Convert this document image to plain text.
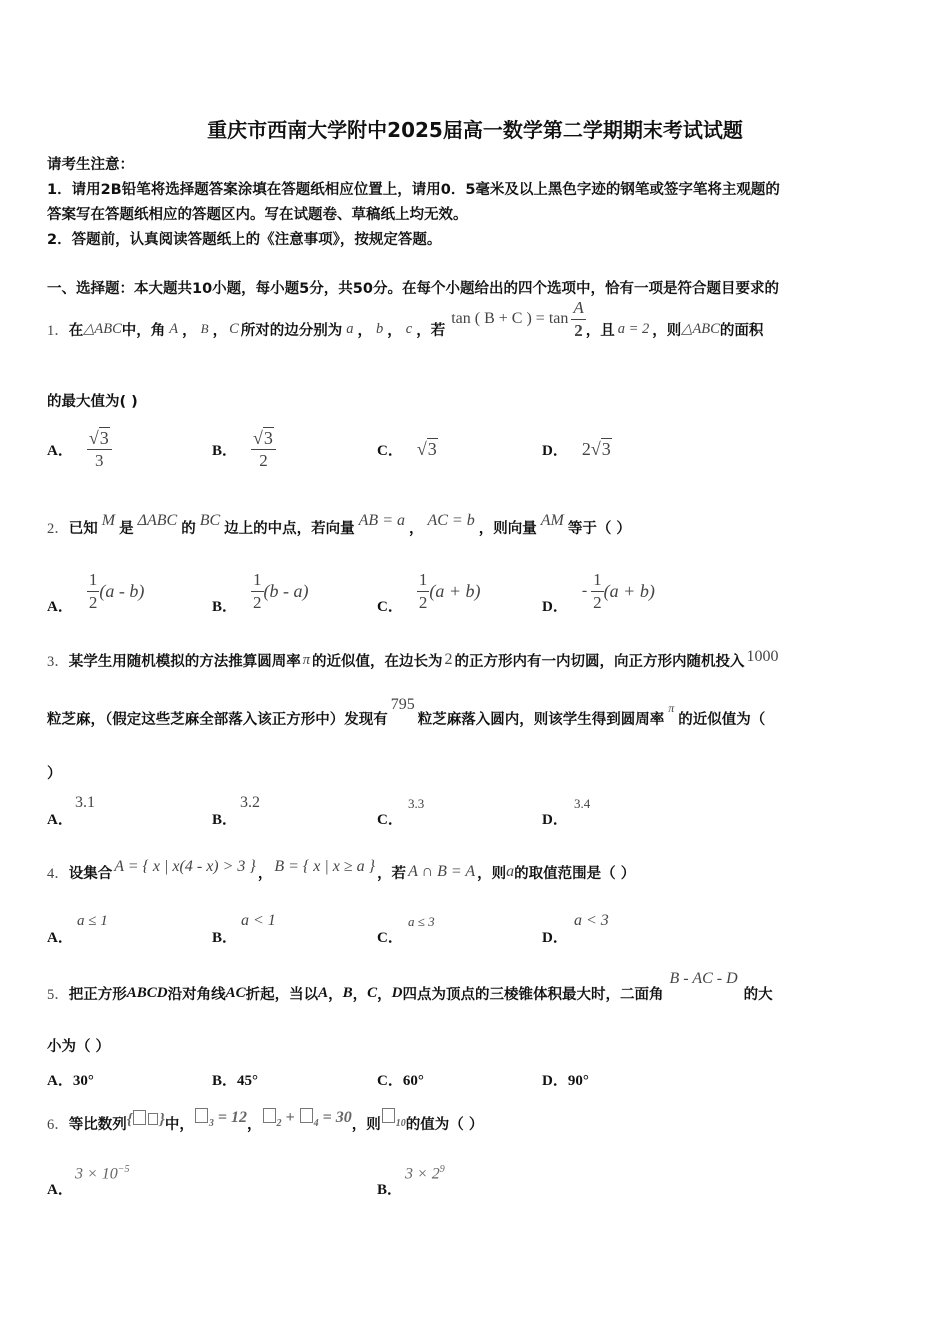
重庆市西南大学附中2025届高一数学第二学期期末考试试题
请考生注意：
1．请用2B铅笔将选择题答案涂填在答题纸相应位置上，请用0．5毫米及以上黑色字迹的钢笔或签字笔将主观题的
答案写在答题纸相应的答题区内。写在试题卷、草稿纸上均无效。
2．答题前，认真阅读答题纸上的《注意事项》，按规定答题。
一、选择题：本大题共10小题，每小题5分，共50分。在每个小题给出的四个选项中，恰有一项是符合题目要求的
1． 在 △ABC 中，角 A ， B ， C 所对的边分别为 a ， b ， c ，若
tan ( B + C ) = $\tan \frac{A}{2}$ ，且 a = 2 ，则 △ABC 的面积
的最大值为( )
A． $\frac{√3}{3}$	B． $\frac{√3}{2}$	C． √3	D． 2√3
2． 已知 M 是 ΔABC 的 BC 边上的中点，若向量 AB = a ， AC = b ，则向量 AM 等于（ ）
A． $\frac{1}{2} (a - b)$
B． $\frac{1}{2} (b - a)$
C． $\frac{1}{2} (a + b)$
D．
- $\frac{1}{2} (a + b)$
3． 某学生用随机模拟的方法推算圆周率 π 的近似值，在边长为 2 的正方形内有一内切圆，向正方形内随机投入 1000
粒芝麻，（假定这些芝麻全部落入该正方形中）发现有
795
粒芝麻落入圆内，则该学生得到圆周率
π
的近似值为（
）
A．
3.1
B．
3.2
C．
3.3
D．
3.4
4． 设集合 A = { x | x(4 - x) > 3 } ， B = { x | x ≥ a } ，若 A ∩ B = A ，则 a 的取值范围是（ ）
A．
a ≤ 1
B．
a < 1
C．
a ≤ 3
D．
a < 3
5． 把正方形 ABCD 沿对角线 AC 折起，当以 A ， B ， C ， D 四点为顶点的三棱锥体积最大时，二面角
B - AC - D
的大
小为（ ）
A．30°	B．45°	C．60°	D．90°
6． 等比数列 { } 中，	$_3$ = 12 ，	$_2$ + $_4$ = 30 ，则	$_{10}$ 的值为（ ）
A．
$3 \times 10^{-5}$
B．
$3 \times 2^9$
